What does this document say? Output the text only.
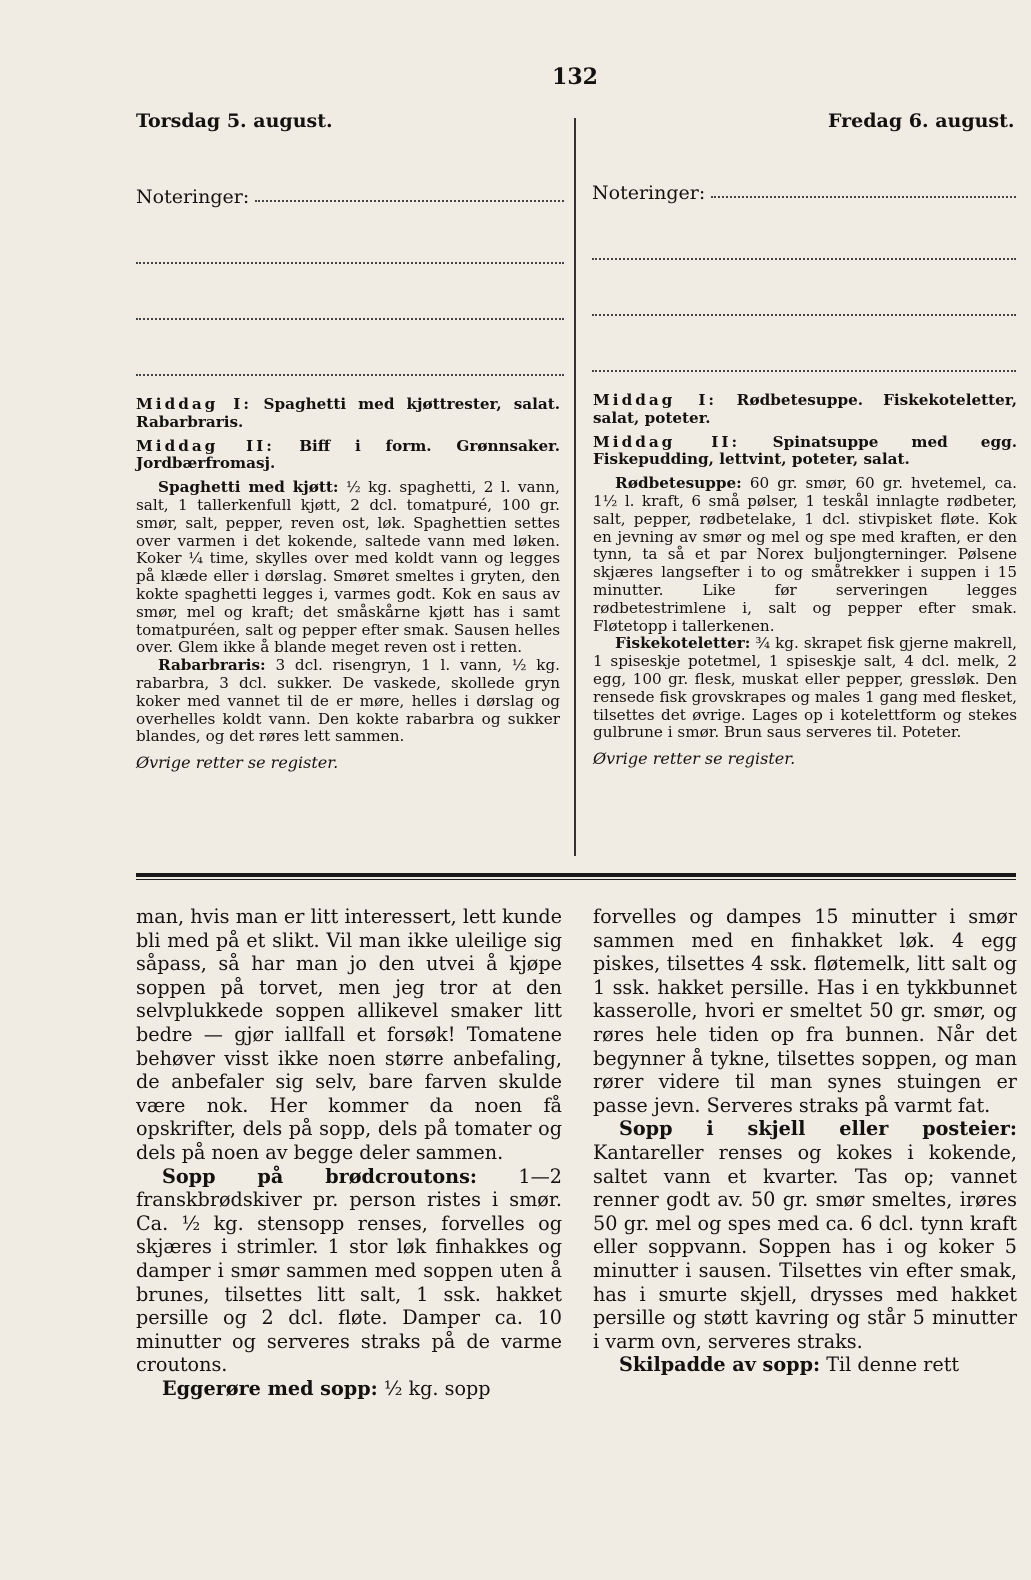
132
Torsdag 5. august.	Fredag 6. august.
Noteringer:	Noteringer:

Middag I: Spaghetti med kjøttrester, salat. Rabarbraris.

Middag II: Biff i form. Grønnsaker. Jordbærfromasj.

Spaghetti med kjøtt: ½ kg. spaghetti, 2 l. vann, salt, 1 tallerkenfull kjøtt, 2 dcl. tomatpuré, 100 gr. smør, salt, pepper, reven ost, løk. Spaghettien settes over varmen i det kokende, saltede vann med løken. Koker ¼ time, skylles over med koldt vann og legges på klæde eller i dørslag. Smøret smeltes i gryten, den kokte spaghetti legges i, varmes godt. Kok en saus av smør, mel og kraft; det småskårne kjøtt has i samt tomatpuréen, salt og pepper efter smak. Sausen helles over. Glem ikke å blande meget reven ost i retten.

Rabarbraris: 3 dcl. risengryn, 1 l. vann, ½ kg. rabarbra, 3 dcl. sukker. De vaskede, skollede gryn koker med vannet til de er møre, helles i dørslag og overhelles koldt vann. Den kokte rabarbra og sukker blandes, og det røres lett sammen.

Øvrige retter se register.

Middag I: Rødbetesuppe. Fiskekoteletter, salat, poteter.

Middag II: Spinatsuppe med egg. Fiskepudding, lettvint, poteter, salat.

Rødbetesuppe: 60 gr. smør, 60 gr. hvetemel, ca. 1½ l. kraft, 6 små pølser, 1 teskål innlagte rødbeter, salt, pepper, rødbetelake, 1 dcl. stivpisket fløte. Kok en jevning av smør og mel og spe med kraften, er den tynn, ta så et par Norex buljongterninger. Pølsene skjæres langsefter i to og småtrekker i suppen i 15 minutter. Like før serveringen legges rødbetestrimlene i, salt og pepper efter smak. Fløtetopp i tallerkenen.

Fiskekoteletter: ¾ kg. skrapet fisk gjerne makrell, 1 spiseskje potetmel, 1 spiseskje salt, 4 dcl. melk, 2 egg, 100 gr. flesk, muskat eller pepper, gressløk. Den rensede fisk grovskrapes og males 1 gang med flesket, tilsettes det øvrige. Lages op i kotelettform og stekes gulbrune i smør. Brun saus serveres til. Poteter.

Øvrige retter se register.

man, hvis man er litt interessert, lett kunde bli med på et slikt. Vil man ikke uleilige sig såpass, så har man jo den utvei å kjøpe soppen på torvet, men jeg tror at den selvplukkede soppen allikevel smaker litt bedre — gjør iallfall et forsøk! Tomatene behøver visst ikke noen større anbefaling, de anbefaler sig selv, bare farven skulde være nok. Her kommer da noen få opskrifter, dels på sopp, dels på tomater og dels på noen av begge deler sammen.

Sopp på brødcroutons: 1—2 franskbrødskiver pr. person ristes i smør. Ca. ½ kg. stensopp renses, forvelles og skjæres i strimler. 1 stor løk finhakkes og damper i smør sammen med soppen uten å brunes, tilsettes litt salt, 1 ssk. hakket persille og 2 dcl. fløte. Damper ca. 10 minutter og serveres straks på de varme croutons.

Eggerøre med sopp: ½ kg. sopp

forvelles og dampes 15 minutter i smør sammen med en finhakket løk. 4 egg piskes, tilsettes 4 ssk. fløtemelk, litt salt og 1 ssk. hakket persille. Has i en tykkbunnet kasserolle, hvori er smeltet 50 gr. smør, og røres hele tiden op fra bunnen. Når det begynner å tykne, tilsettes soppen, og man rører videre til man synes stuingen er passe jevn. Serveres straks på varmt fat.

Sopp i skjell eller posteier: Kantareller renses og kokes i kokende, saltet vann et kvarter. Tas op; vannet renner godt av. 50 gr. smør smeltes, irøres 50 gr. mel og spes med ca. 6 dcl. tynn kraft eller soppvann. Soppen has i og koker 5 minutter i sausen. Tilsettes vin efter smak, has i smurte skjell, drysses med hakket persille og støtt kavring og står 5 minutter i varm ovn, serveres straks.

Skilpadde av sopp: Til denne rett
